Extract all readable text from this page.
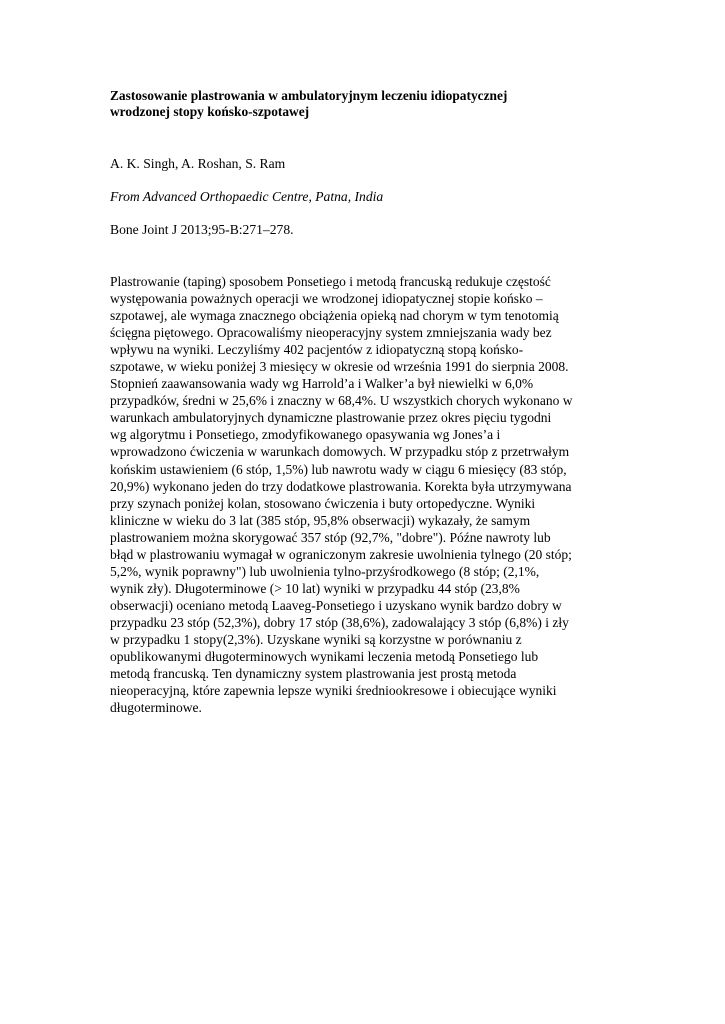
Zastosowanie plastrowania w ambulatoryjnym leczeniu idiopatycznej
wrodzonej stopy końsko-szpotawej

A. K. Singh, A. Roshan, S. Ram

From Advanced Orthopaedic Centre, Patna, India

Bone Joint J 2013;95-B:271–278.

Plastrowanie (taping) sposobem Ponsetiego i metodą francuską redukuje częstość
występowania poważnych operacji we wrodzonej idiopatycznej stopie końsko –
szpotawej, ale wymaga znacznego obciążenia opieką nad chorym w tym tenotomią
ścięgna piętowego. Opracowaliśmy nieoperacyjny system zmniejszania wady bez
wpływu na wyniki. Leczyliśmy 402 pacjentów z idiopatyczną stopą końsko-
szpotawe, w wieku poniżej 3 miesięcy w okresie od września 1991 do sierpnia 2008.
Stopnień zaawansowania wady wg Harrold’a i Walker’a był niewielki w 6,0%
przypadków, średni w 25,6% i znaczny w 68,4%. U wszystkich chorych wykonano w
warunkach ambulatoryjnych dynamiczne plastrowanie przez okres pięciu tygodni
wg algorytmu i Ponsetiego, zmodyfikowanego opasywania wg Jones’a i
wprowadzono ćwiczenia w warunkach domowych. W przypadku stóp z przetrwałym
końskim ustawieniem (6 stóp, 1,5%) lub nawrotu wady w ciągu 6 miesięcy (83 stóp,
20,9%) wykonano jeden do trzy dodatkowe plastrowania. Korekta była utrzymywana
przy szynach poniżej kolan, stosowano ćwiczenia i buty ortopedyczne. Wyniki
kliniczne w wieku do 3 lat (385 stóp, 95,8% obserwacji) wykazały, że samym
plastrowaniem można skorygować 357 stóp (92,7%, "dobre"). Późne nawroty lub
błąd w plastrowaniu wymagał w ograniczonym zakresie uwolnienia tylnego (20 stóp;
5,2%, wynik poprawny") lub uwolnienia tylno-przyśrodkowego (8 stóp; (2,1%,
wynik zły). Długoterminowe (> 10 lat) wyniki w przypadku 44 stóp (23,8%
obserwacji) oceniano metodą Laaveg-Ponsetiego i uzyskano wynik bardzo dobry w
przypadku 23 stóp (52,3%), dobry 17 stóp (38,6%), zadowalający 3 stóp (6,8%) i zły
w przypadku 1 stopy(2,3%). Uzyskane wyniki są korzystne w porównaniu z
opublikowanymi długoterminowych wynikami leczenia metodą Ponsetiego lub
metodą francuską. Ten dynamiczny system plastrowania jest prostą metoda
nieoperacyjną, które zapewnia lepsze wyniki średniookresowe i obiecujące wyniki
długoterminowe.
